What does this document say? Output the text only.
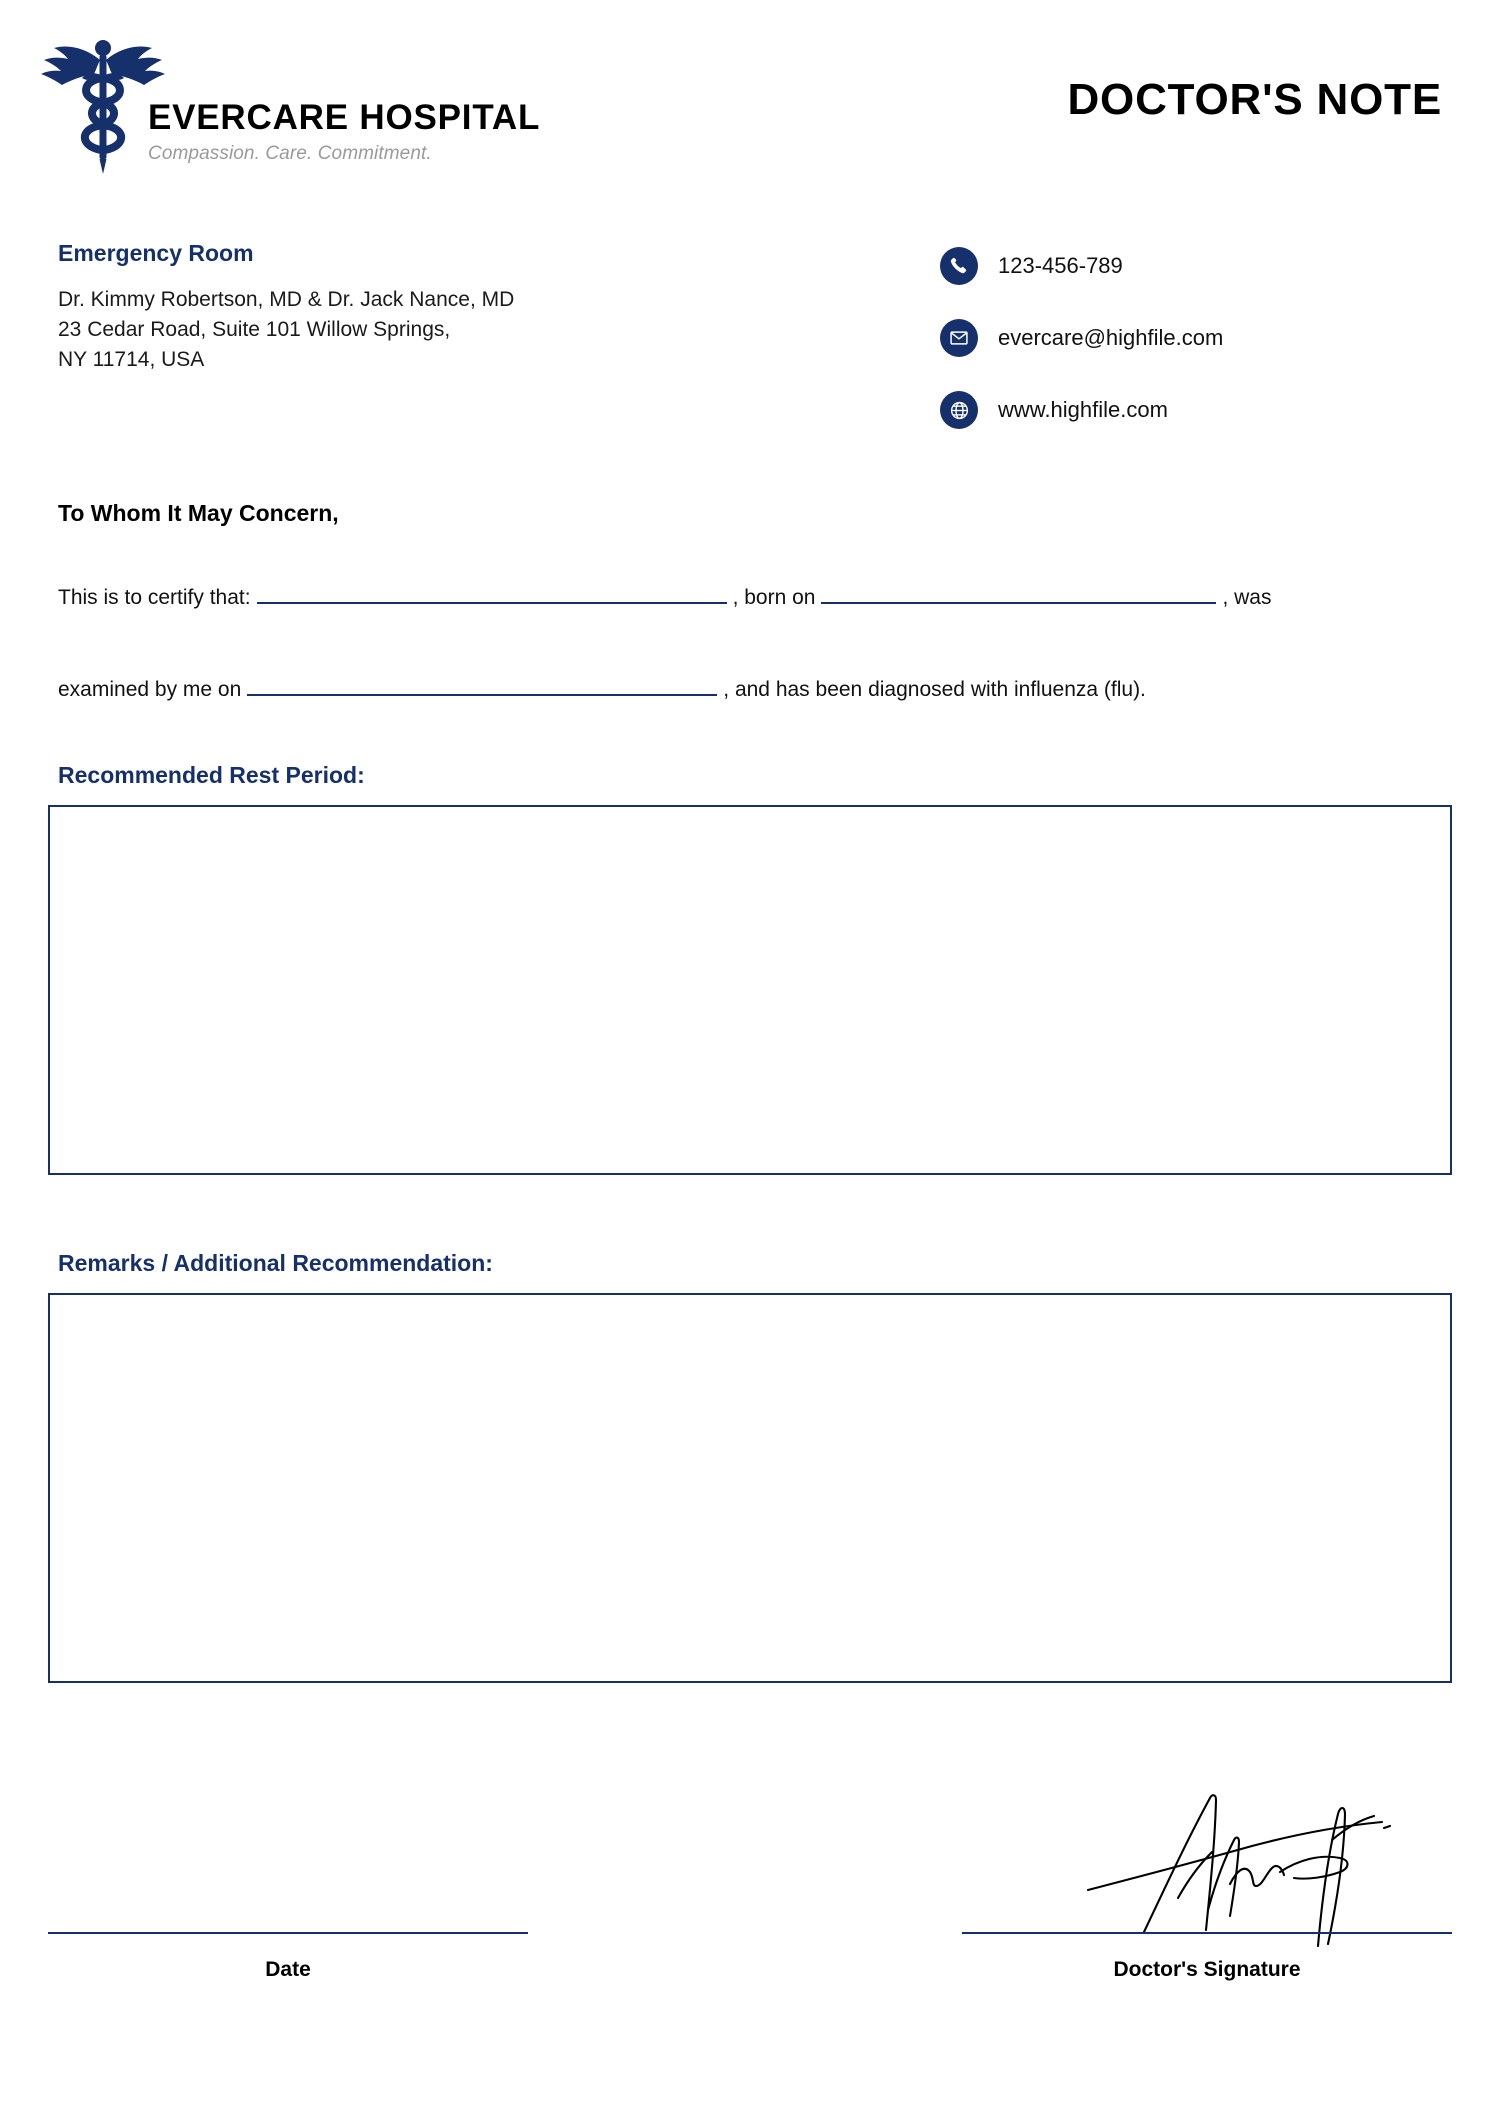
EVERCARE HOSPITAL
Compassion. Care. Commitment.
DOCTOR'S NOTE
Emergency Room
Dr. Kimmy Robertson, MD & Dr. Jack Nance, MD
23 Cedar Road, Suite 101 Willow Springs,
NY 11714, USA
123-456-789
evercare@highfile.com
www.highfile.com
To Whom It May Concern,
This is to certify that:	, born on	, was
examined by me on	, and has been diagnosed with influenza (flu).
Recommended Rest Period:
Remarks / Additional Recommendation:
Date	Doctor's Signature
